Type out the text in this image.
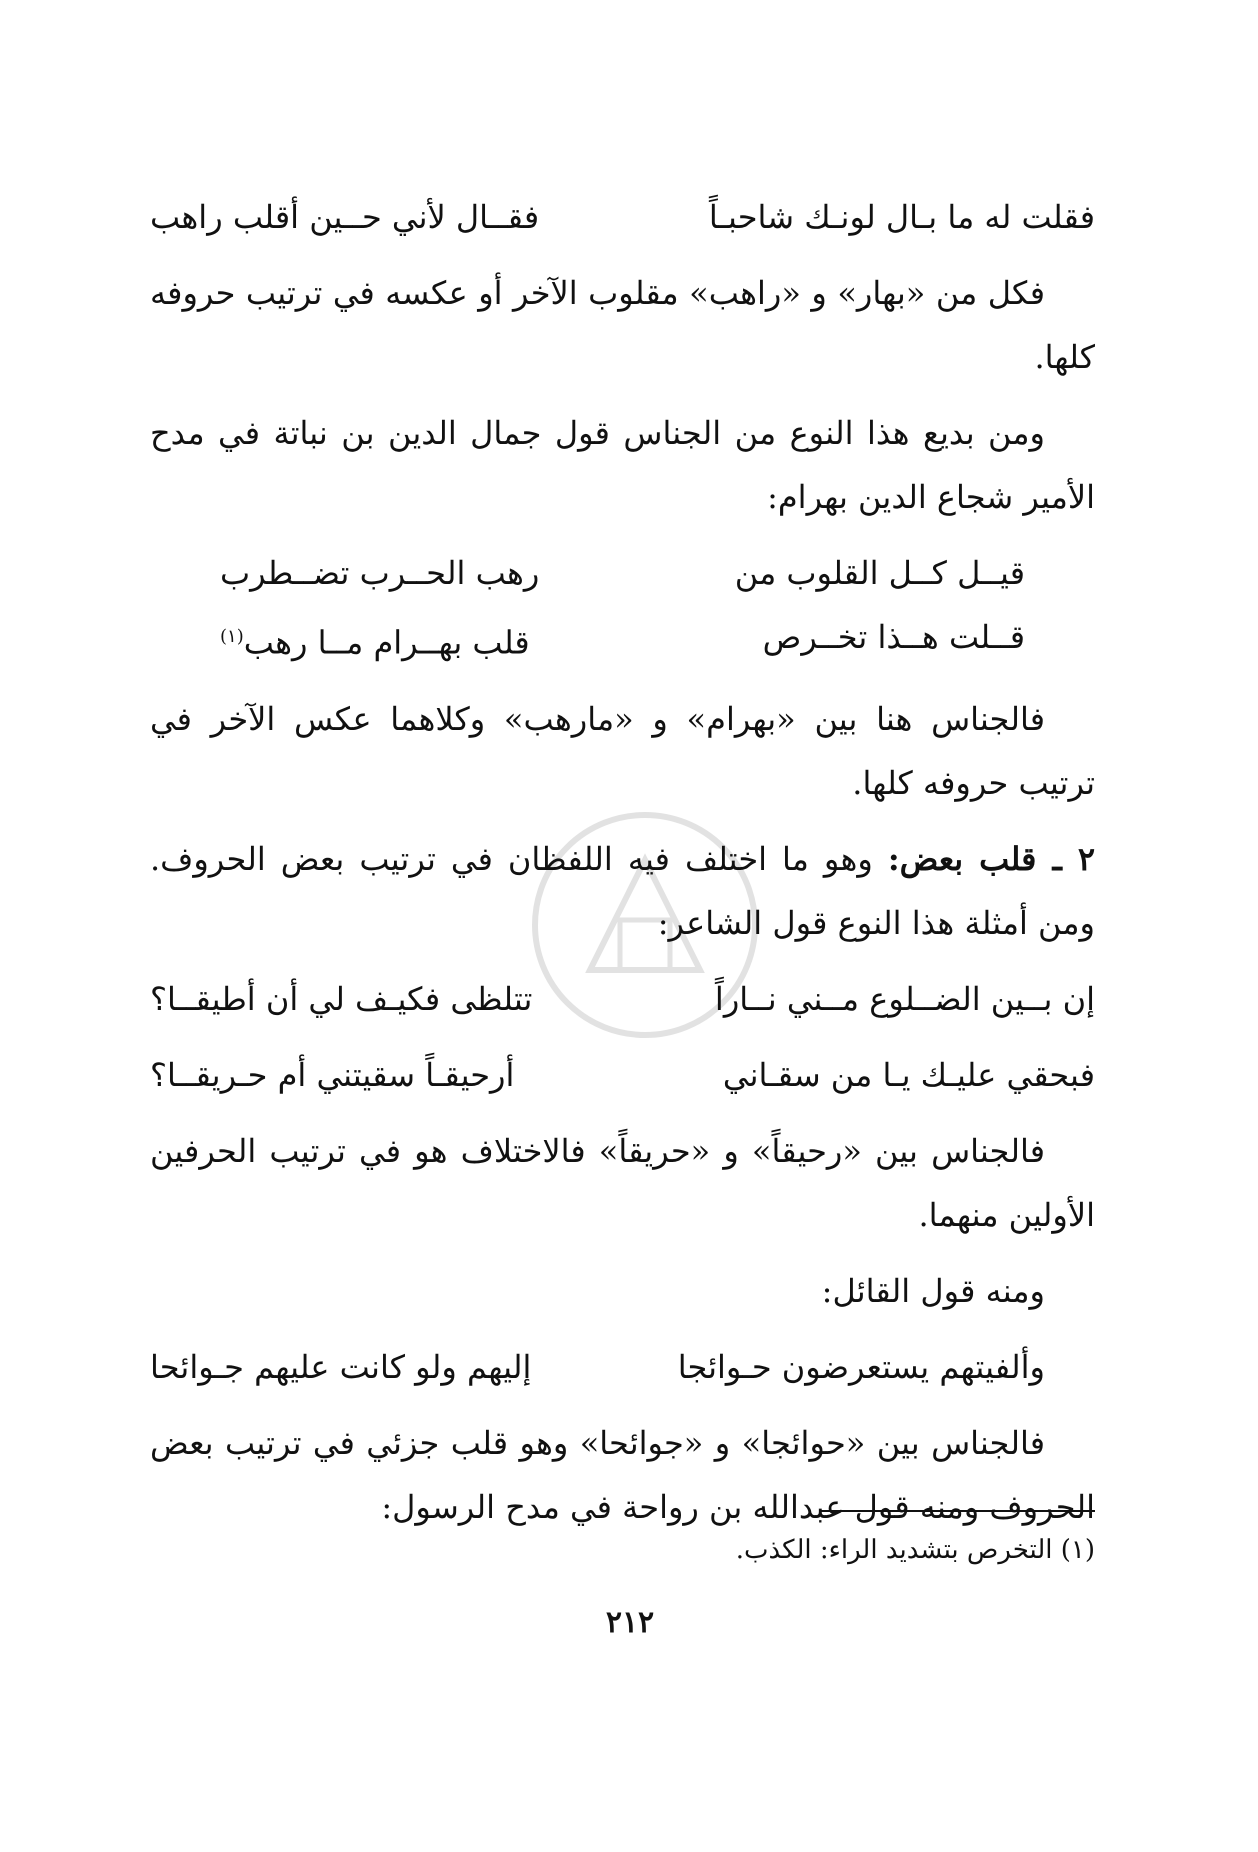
فقلت له ما بـال لونـك شاحبـاً
فقــال لأني حــين أقلب راهب

فكل من «بهار» و «راهب» مقلوب الآخر أو عكسه في ترتيب حروفه كلها.

ومن بديع هذا النوع من الجناس قول جمال الدين بن نباتة في مدح الأمير شجاع الدين بهرام:

قيــل كــل القلوب من
رهب الحــرب تضــطرب
قــلت هــذا تخــرص
قلب بهــرام مــا رهب$^{(١)}$

فالجناس هنا بين «بهرام» و «مارهب» وكلاهما عكس الآخر في ترتيب حروفه كلها.

٢ ـ قلب بعض: وهو ما اختلف فيه اللفظان في ترتيب بعض الحروف. ومن أمثلة هذا النوع قول الشاعر:

إن بــين الضــلوع مــني نــاراً
تتلظى فكيـف لي أن أطيقــا؟
فبحقي عليـك يـا من سقـاني
أرحيقـاً سقيتني أم حـريقــا؟

فالجناس بين «رحيقاً» و «حريقاً» فالاختلاف هو في ترتيب الحرفين الأولين منهما.

ومنه قول القائل:

وألفيتهم يستعرضون حـوائجا
إليهم ولو كانت عليهم جـوائحا

فالجناس بين «حوائجا» و «جوائحا» وهو قلب جزئي في ترتيب بعض الحروف ومنه قول عبدالله بن رواحة في مدح الرسول:

(١) التخرص بتشديد الراء: الكذب.
٢١٢
